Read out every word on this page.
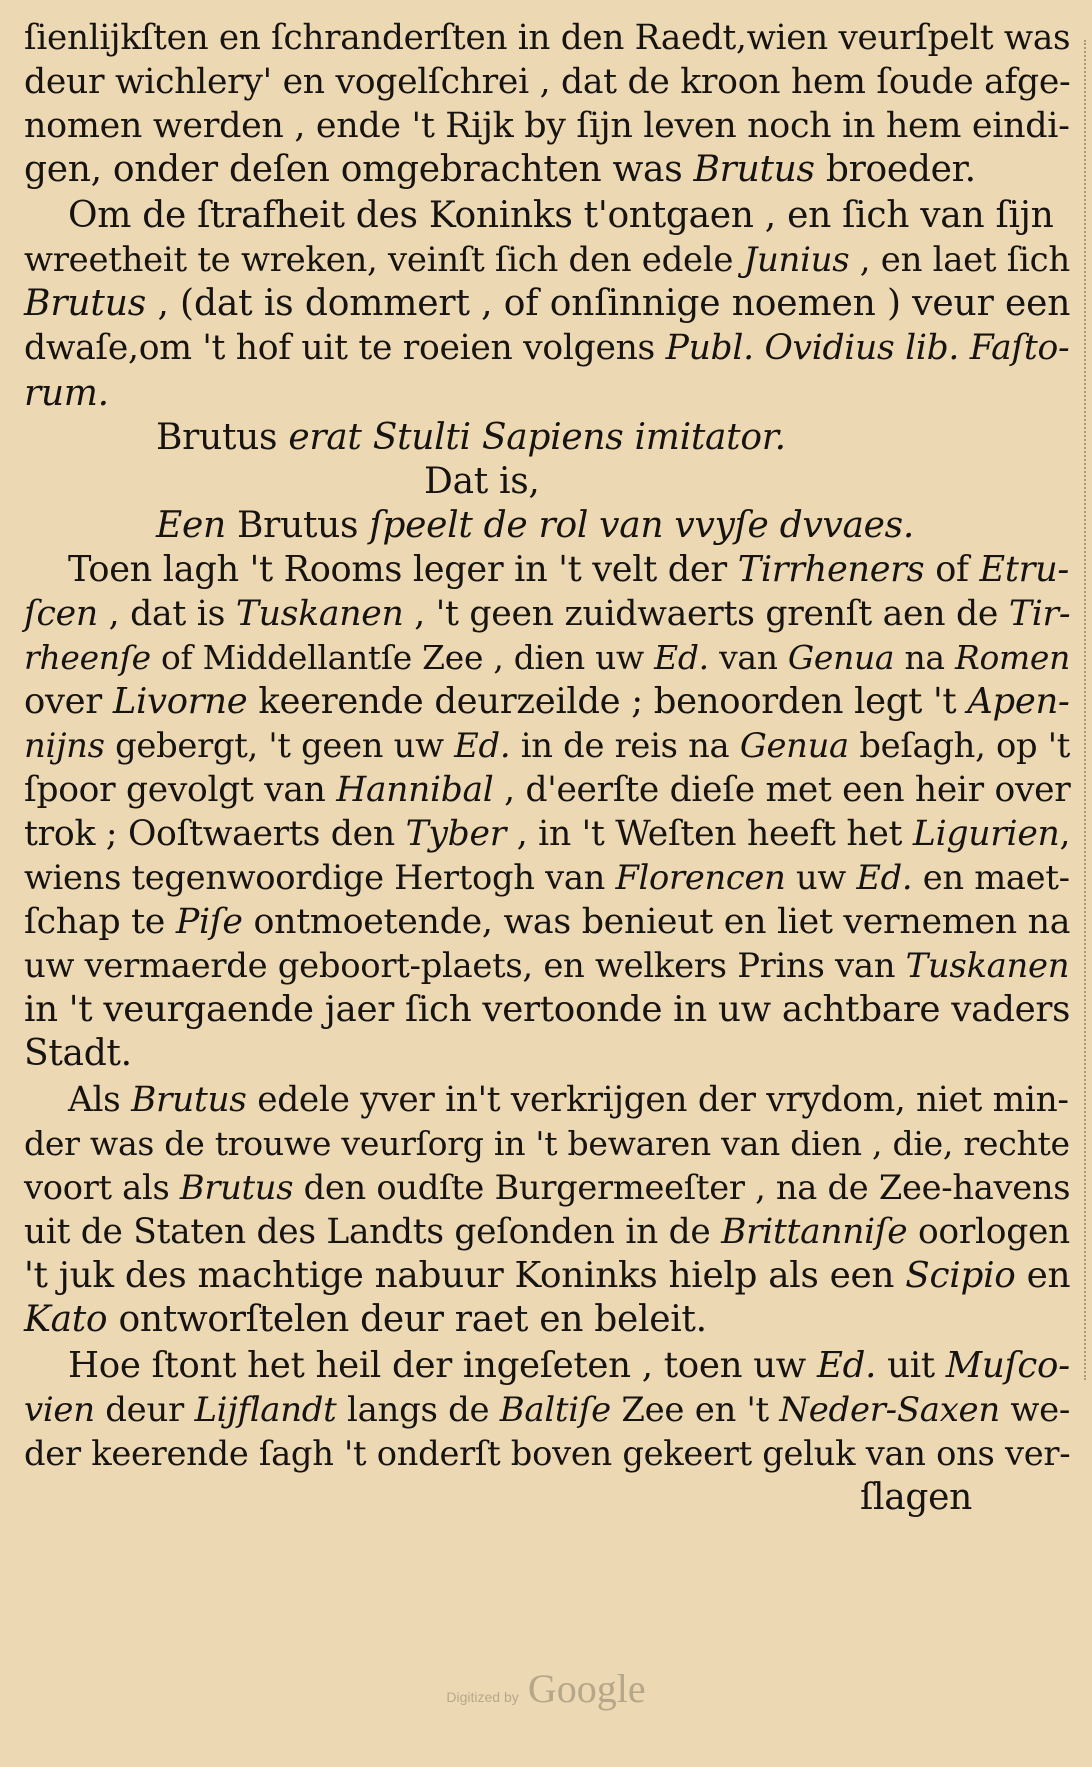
ſienlijkſten en ſchranderſten in den Raedt,wien veurſpelt was
deur wichlery' en vogelſchrei , dat de kroon hem ſoude afge-
nomen werden , ende 't Rijk by ſijn leven noch in hem eindi-
gen, onder deſen omgebrachten was Brutus broeder.
Om de ſtrafheit des Koninks t'ontgaen , en ſich van ſijn
wreetheit te wreken, veinſt ſich den edele Junius , en laet ſich
Brutus , (dat is dommert , of onſinnige noemen ) veur een
dwaſe,om 't hof uit te roeien volgens Publ. Ovidius lib. Faſto-
rum.
Brutus erat Stulti Sapiens imitator.
Dat is,
Een Brutus ſpeelt de rol van vvyſe dvvaes.
Toen lagh 't Rooms leger in 't velt der Tirrheners of Etru-
ſcen , dat is Tuskanen , 't geen zuidwaerts grenſt aen de Tir-
rheenſe of Middellantſe Zee , dien uw Ed. van Genua na Romen
over Livorne keerende deurzeilde ; benoorden legt 't Apen-
nijns gebergt, 't geen uw Ed. in de reis na Genua beſagh, op 't
ſpoor gevolgt van Hannibal , d'eerſte dieſe met een heir over
trok ; Ooſtwaerts den Tyber , in 't Weſten heeft het Ligurien,
wiens tegenwoordige Hertogh van Florencen uw Ed. en maet-
ſchap te Piſe ontmoetende, was benieut en liet vernemen na
uw vermaerde geboort-plaets, en welkers Prins van Tuskanen
in 't veurgaende jaer ſich vertoonde in uw achtbare vaders
Stadt.
Als Brutus edele yver in't verkrijgen der vrydom, niet min-
der was de trouwe veurſorg in 't bewaren van dien , die, rechte
voort als Brutus den oudſte Burgermeeſter , na de Zee-havens
uit de Staten des Landts geſonden in de Brittanniſe oorlogen
't juk des machtige nabuur Koninks hielp als een Scipio en
Kato ontworſtelen deur raet en beleit.
Hoe ſtont het heil der ingeſeten , toen uw Ed. uit Muſco-
vien deur Lijflandt langs de Baltiſe Zee en 't Neder-Saxen we-
der keerende ſagh 't onderſt boven gekeert geluk van ons ver-
ſlagen
Digitized by Google
